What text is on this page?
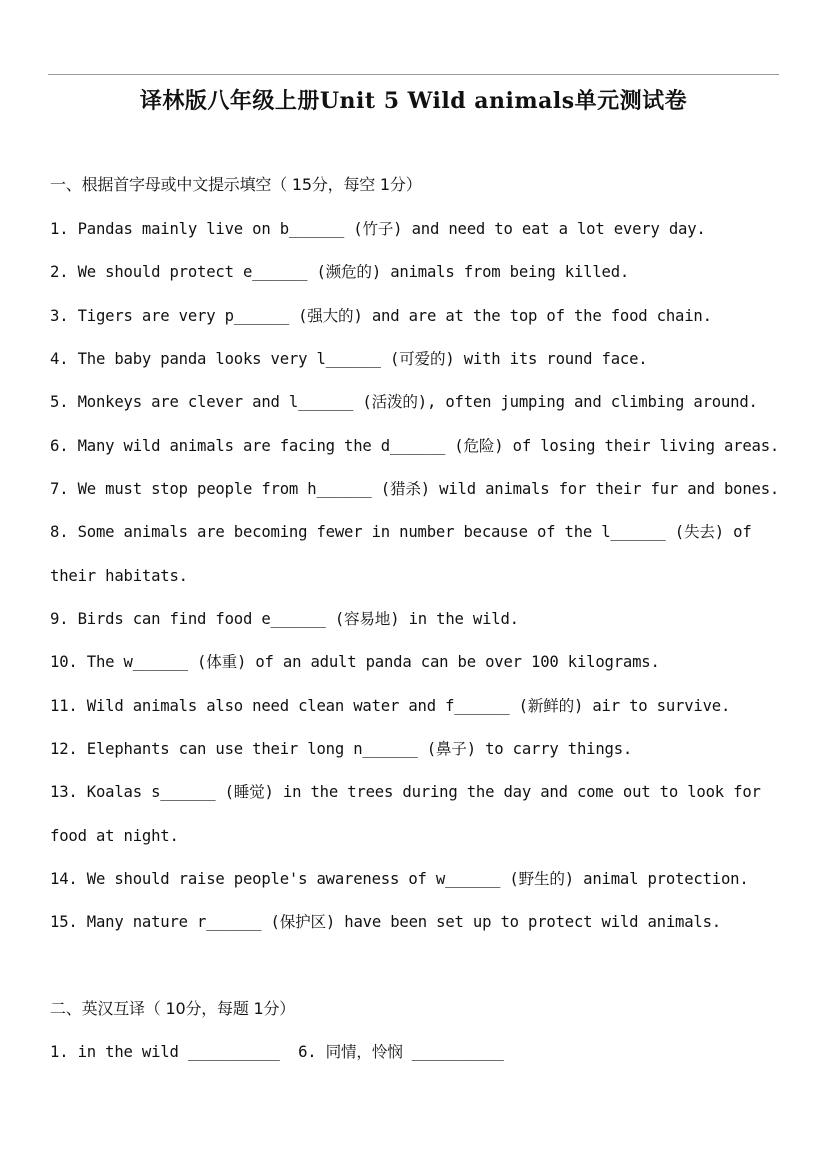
译林版八年级上册Unit 5 Wild animals单元测试卷
一、根据首字母或中文提示填空（ 15分，每空 1分）
1. Pandas mainly live on b______ (竹子) and need to eat a lot every day.
2. We should protect e______ (濒危的) animals from being killed.
3. Tigers are very p______ (强大的) and are at the top of the food chain.
4. The baby panda looks very l______ (可爱的) with its round face.
5. Monkeys are clever and l______ (活泼的), often jumping and climbing around.
6. Many wild animals are facing the d______ (危险) of losing their living areas.
7. We must stop people from h______ (猎杀) wild animals for their fur and bones.
8. Some animals are becoming fewer in number because of the l______ (失去) of
their habitats.
9. Birds can find food e______ (容易地) in the wild.
10. The w______ (体重) of an adult panda can be over 100 kilograms.
11. Wild animals also need clean water and f______ (新鲜的) air to survive.
12. Elephants can use their long n______ (鼻子) to carry things.
13. Koalas s______ (睡觉) in the trees during the day and come out to look for
food at night.
14. We should raise people's awareness of w______ (野生的) animal protection.
15. Many nature r______ (保护区) have been set up to protect wild animals.
二、英汉互译（ 10分，每题 1分）
1. in the wild __________  6. 同情，怜悯 __________
